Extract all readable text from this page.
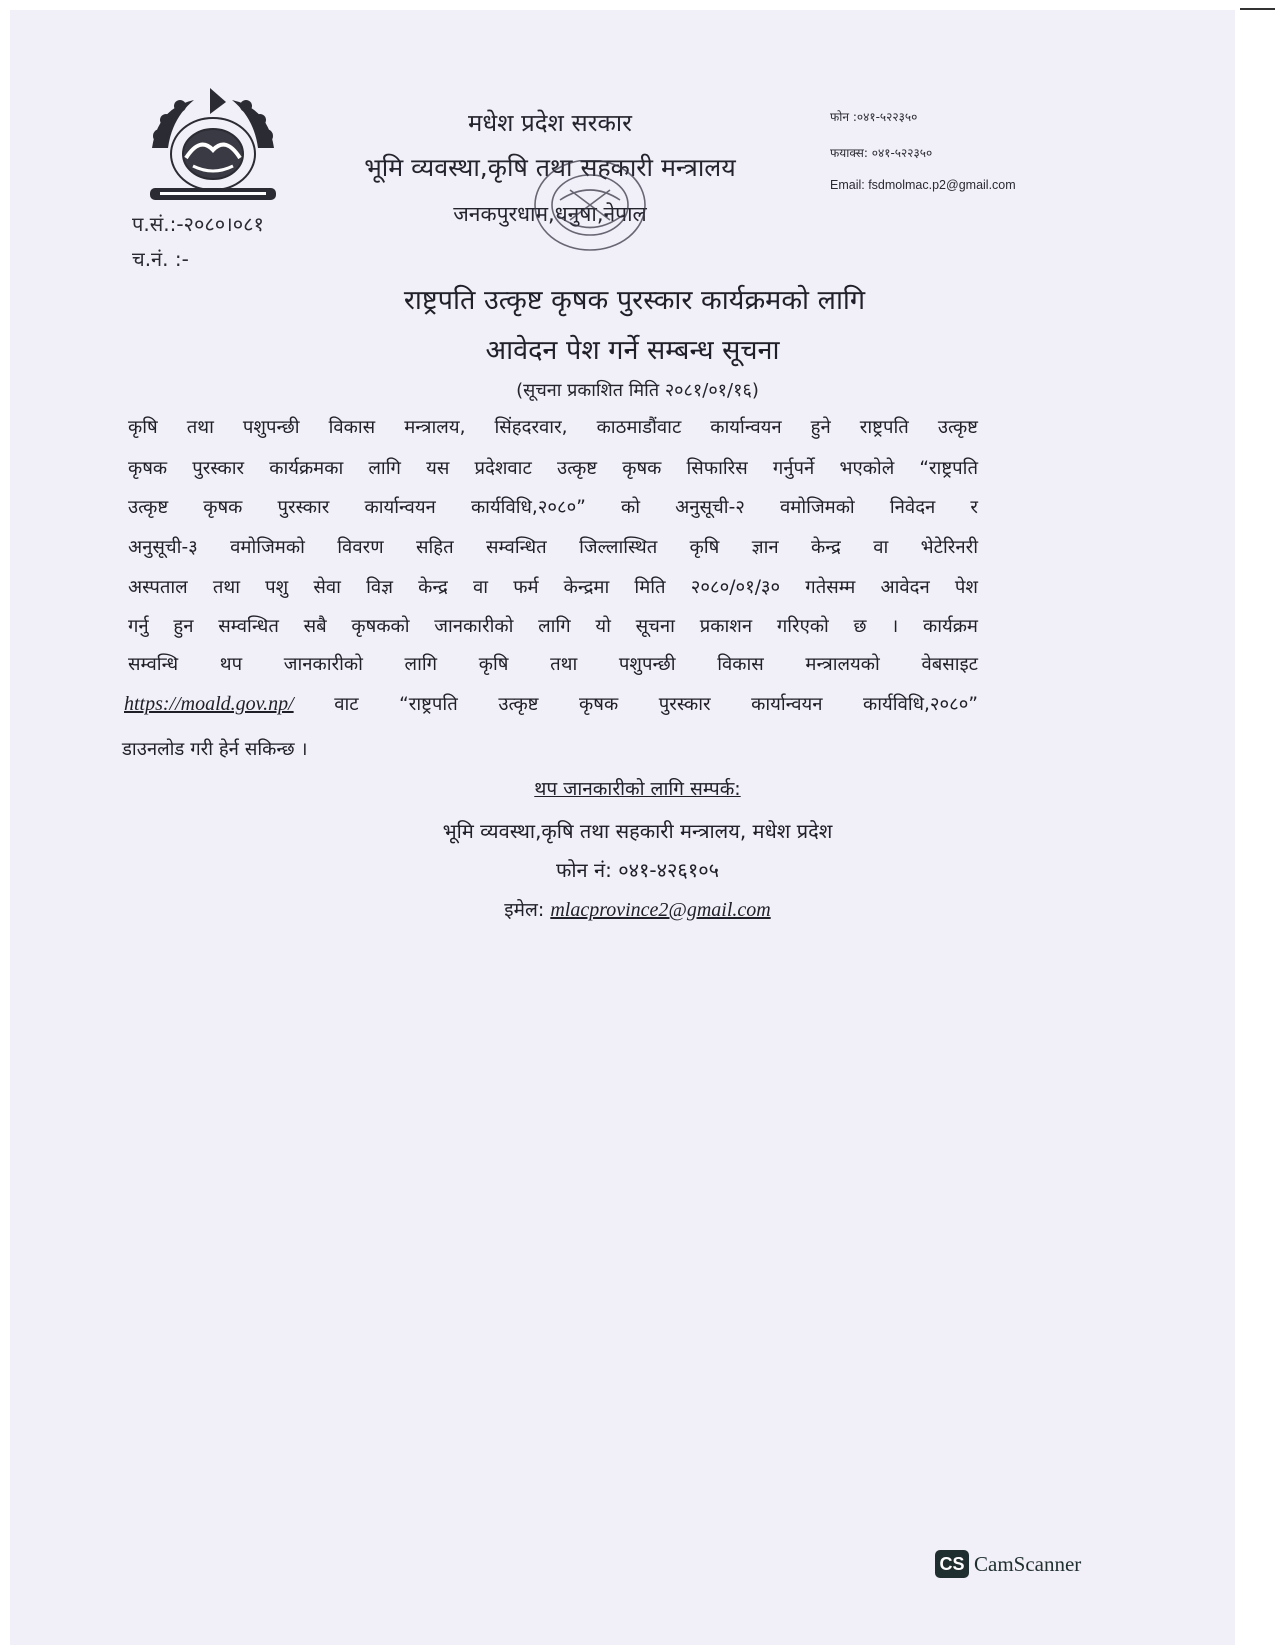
प.सं.:-२०८०।०८१
च.नं. :-
मधेश प्रदेश सरकार
भूमि व्यवस्था,कृषि तथा सहकारी मन्त्रालय
जनकपुरधाम,धनुषा,नेपाल
फोन :०४१-५२२३५०
फयाक्स: ०४१-५२२३५०
Email: fsdmolmac.p2@gmail.com
राष्ट्रपति उत्कृष्ट कृषक पुरस्कार कार्यक्रमको लागि
आवेदन पेश गर्ने सम्बन्ध सूचना
(सूचना प्रकाशित मिति २०८१/०१/१६)
कृषि तथा पशुपन्छी विकास मन्त्रालय, सिंहदरवार, काठमाडौंवाट कार्यान्वयन हुने राष्ट्रपति उत्कृष्ट
कृषक पुरस्कार कार्यक्रमका लागि यस प्रदेशवाट उत्कृष्ट कृषक सिफारिस गर्नुपर्ने भएकोले “राष्ट्रपति
उत्कृष्ट कृषक पुरस्कार कार्यान्वयन कार्यविधि,२०८०” को अनुसूची-२ वमोजिमको निवेदन र
अनुसूची-३ वमोजिमको विवरण सहित सम्वन्धित जिल्लास्थित कृषि ज्ञान केन्द्र वा भेटेरिनरी
अस्पताल तथा पशु सेवा विज्ञ केन्द्र वा फर्म केन्द्रमा मिति २०८०/०१/३० गतेसम्म आवेदन पेश
गर्नु हुन सम्वन्धित सबै कृषकको जानकारीको लागि यो सूचना प्रकाशन गरिएको छ । कार्यक्रम
सम्वन्धि थप जानकारीको लागि कृषि तथा पशुपन्छी विकास मन्त्रालयको वेबसाइट
https://moald.gov.np/ वाट “राष्ट्रपति उत्कृष्ट कृषक पुरस्कार कार्यान्वयन कार्यविधि,२०८०”
डाउनलोड गरी हेर्न सकिन्छ ।
थप जानकारीको लागि सम्पर्क:
भूमि व्यवस्था,कृषि तथा सहकारी मन्त्रालय, मधेश प्रदेश
फोन नं: ०४१-४२६१०५
इमेल: mlacprovince2@gmail.com
CS CamScanner
